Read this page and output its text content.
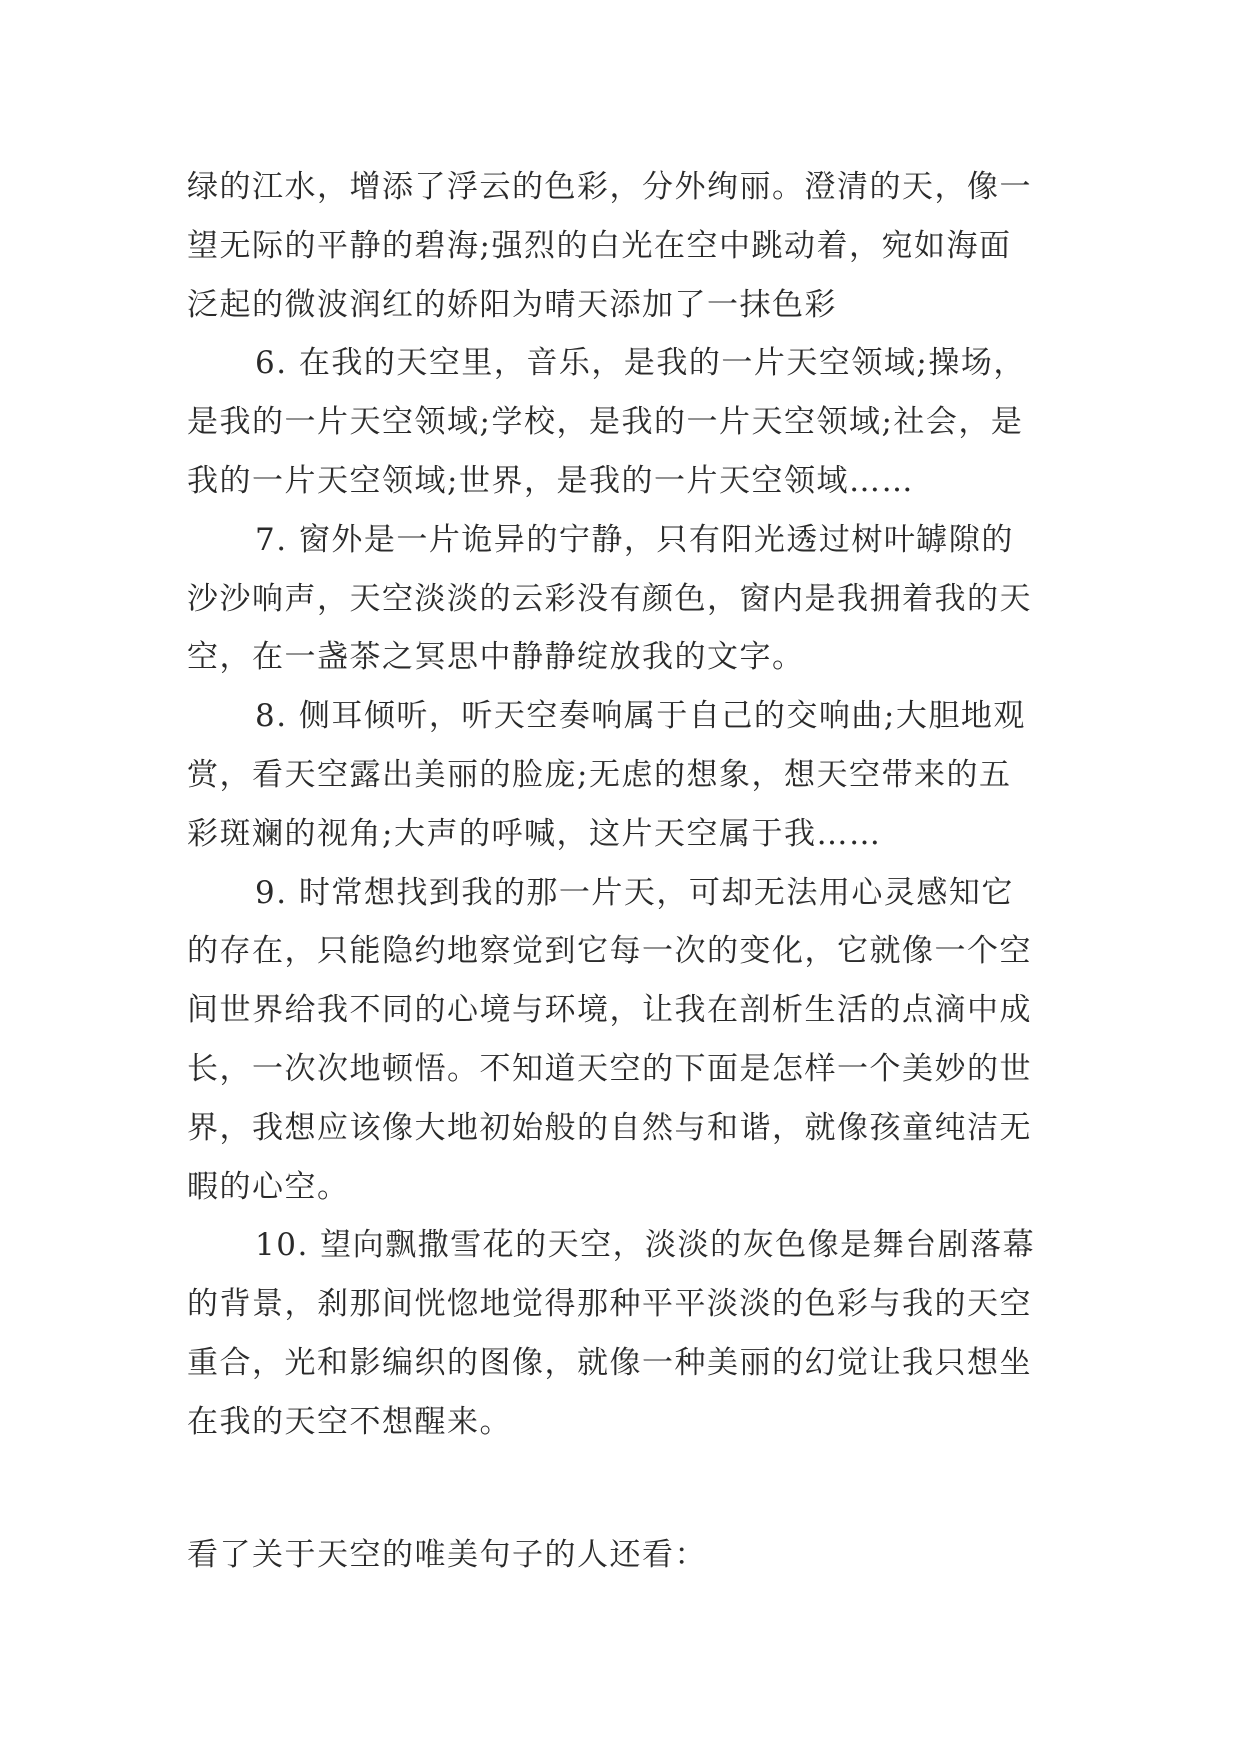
绿的江水，增添了浮云的色彩，分外绚丽。澄清的天，像一
望无际的平静的碧海;强烈的白光在空中跳动着，宛如海面
泛起的微波润红的娇阳为晴天添加了一抹色彩
6. 在我的天空里，音乐，是我的一片天空领域;操场，
是我的一片天空领域;学校，是我的一片天空领域;社会，是
我的一片天空领域;世界，是我的一片天空领域……
7. 窗外是一片诡异的宁静，只有阳光透过树叶罅隙的
沙沙响声，天空淡淡的云彩没有颜色，窗内是我拥着我的天
空，在一盏茶之冥思中静静绽放我的文字。
8. 侧耳倾听，听天空奏响属于自己的交响曲;大胆地观
赏，看天空露出美丽的脸庞;无虑的想象，想天空带来的五
彩斑斓的视角;大声的呼喊，这片天空属于我……
9. 时常想找到我的那一片天，可却无法用心灵感知它
的存在，只能隐约地察觉到它每一次的变化，它就像一个空
间世界给我不同的心境与环境，让我在剖析生活的点滴中成
长，一次次地顿悟。不知道天空的下面是怎样一个美妙的世
界，我想应该像大地初始般的自然与和谐，就像孩童纯洁无
暇的心空。
10. 望向飘撒雪花的天空，淡淡的灰色像是舞台剧落幕
的背景，刹那间恍惚地觉得那种平平淡淡的色彩与我的天空
重合，光和影编织的图像，就像一种美丽的幻觉让我只想坐
在我的天空不想醒来。
看了关于天空的唯美句子的人还看：
